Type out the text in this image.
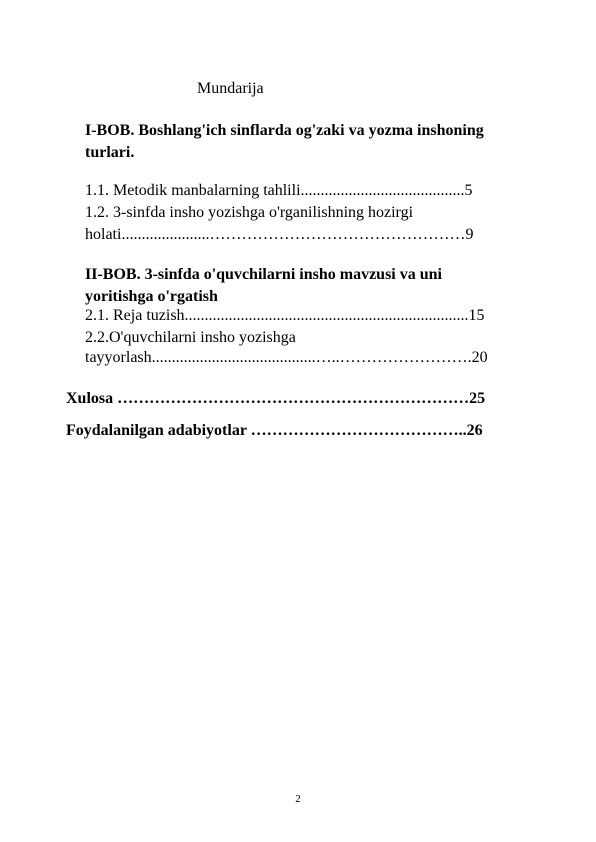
Mundarija
I-BOB. Boshlang'ich sinflarda og'zaki va yozma inshoning
turlari.
1.1. Metodik manbalarning tahlili.........................................5
1.2. 3-sinfda insho yozishga o'rganilishning hozirgi
holati......................…………………………………………9
II-BOB. 3-sinfda o'quvchilarni insho mavzusi va uni
yoritishga o'rgatish
2.1. Reja tuzish.......................................................................15
2.2.O'quvchilarni insho yozishga
tayyorlash.........................................…..…………………….20
Xulosa …………………………………………………………25
Foydalanilgan adabiyotlar …………………………………..26
2
